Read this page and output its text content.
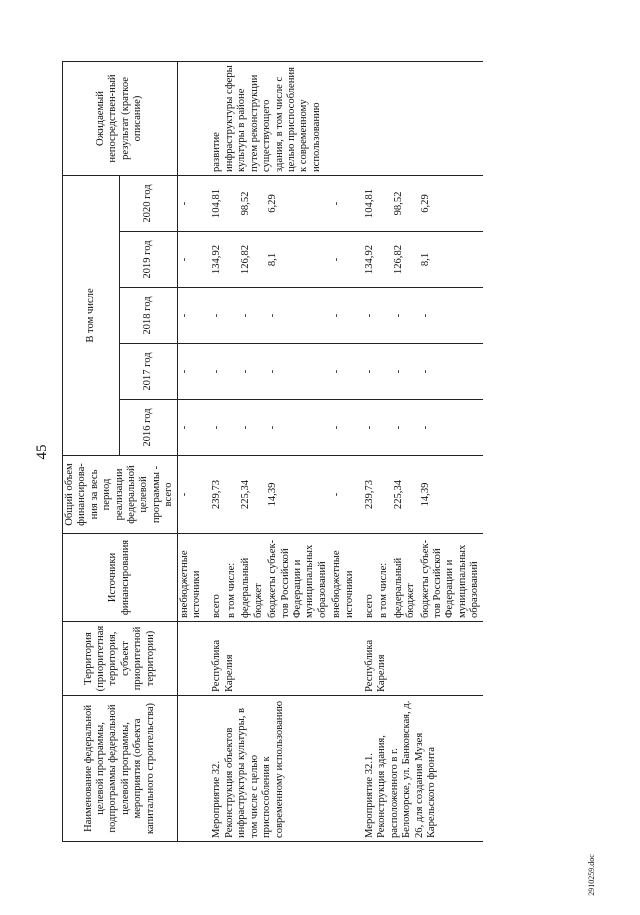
45
2910259.doc
Наименование федеральной целевой программы, подпрограммы федеральной целевой программы, мероприятия (объекта капитального строительства)	Территория (приоритетная территория, субъект приоритетной территории)	Источники финансирования	Общий объем финансирова-ния за весь период реализации федеральной целевой программы - всего	В том числе					Ожидаемый непосредствен-ный результат (краткое описание)
				2016 год	2017 год	2018 год	2019 год	2020 год	
		внебюджетные источники	-	-	-	-	-	-	

Мероприятие 32. Реконструкция объектов инфраструктуры культуры, в том числе с целью приспособления к современному использованию	Республика Карелия	всего	239,73	-	-	-	134,92	104,81	развитие инфраструктуры сферы культуры в районе путем реконструкции существующего здания, в том числе с целью приспособления к современному использованию
		в том числе:							
		федеральный бюджет	225,34	-	-	-	126,82	98,52	
		бюджеты субъек-тов Российской Федерации и муниципальных образований	14,39	-	-	-	8,1	6,29	
		внебюджетные источники	-	-	-	-	-	-	

Мероприятие 32.1. Реконструкция здания, расположенного в г. Беломорске, ул. Банковская, д. 26, для создания Музея Карельского фронта	Республика Карелия	всего	239,73	-	-	-	134,92	104,81	
		в том числе:							
		федеральный бюджет	225,34	-	-	-	126,82	98,52	
		бюджеты субъек-тов Российской Федерации и муниципальных образований	14,39	-	-	-	8,1	6,29	
